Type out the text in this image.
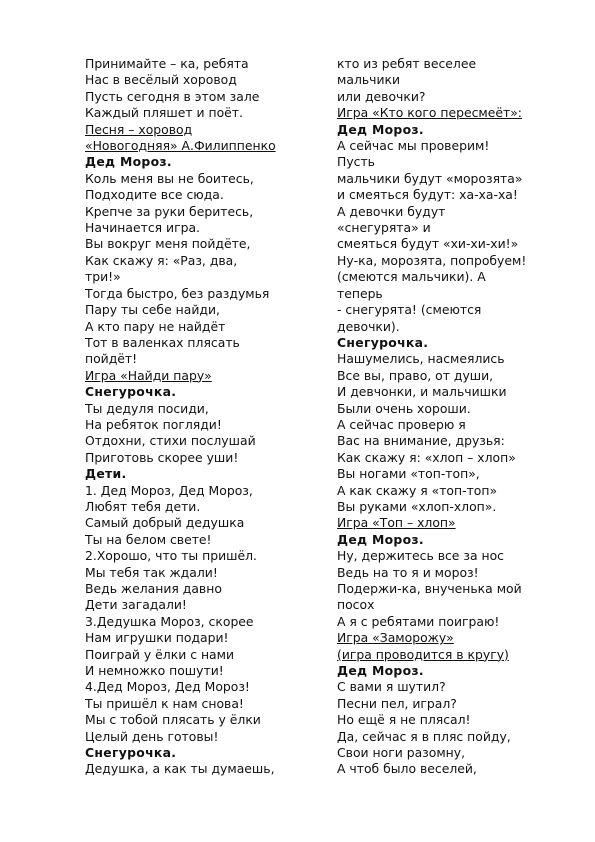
Принимайте – ка, ребята

Нас в весёлый хоровод

Пусть сегодня в этом зале

Каждый пляшет и поёт.

Песня – хоровод

«Новогодняя» А.Филиппенко

Дед Мороз.

Коль меня вы не боитесь,

Подходите все сюда.

Крепче за руки беритесь,

Начинается игра.

Вы вокруг меня пойдёте,

Как скажу я: «Раз, два,

три!»

Тогда быстро, без раздумья

Пару ты себе найди,

А кто пару не найдёт

Тот в валенках плясать

пойдёт!

Игра «Найди пару»

Снегурочка.

Ты дедуля посиди,

На ребяток погляди!

Отдохни, стихи послушай

Приготовь скорее уши!

Дети.

1. Дед Мороз, Дед Мороз,

Любят тебя дети.

Самый добрый дедушка

Ты на белом свете!

2.Хорошо, что ты пришёл.

Мы тебя так ждали!

Ведь желания давно

Дети загадали!

3.Дедушка Мороз, скорее

Нам игрушки подари!

Поиграй у ёлки с нами

И немножко пошути!

4.Дед Мороз, Дед Мороз!

Ты пришёл к нам снова!

Мы с тобой плясать у ёлки

Целый день готовы!

Снегурочка.

Дедушка, а как ты думаешь,

кто из ребят веселее

мальчики

или девочки?

Игра «Кто кого пересмеёт»:

Дед Мороз.

А сейчас мы проверим!

Пусть

мальчики будут «морозята»

и смеяться будут: ха-ха-ха!

А девочки будут

«снегурята» и

смеяться будут «хи-хи-хи!»

Ну-ка, морозята, попробуем!

(смеются мальчики). А

теперь

- снегурята! (смеются

девочки).

Снегурочка.

Нашумелись, насмеялись

Все вы, право, от души,

И девчонки, и мальчишки

Были очень хороши.

А сейчас проверю я

Вас на внимание, друзья:

Как скажу я: «хлоп – хлоп»

Вы ногами «топ-топ»,

А как скажу я «топ-топ»

Вы руками «хлоп-хлоп».

Игра «Топ – хлоп»

Дед Мороз.

Ну, держитесь все за нос

Ведь на то я и мороз!

Подержи-ка, внученька мой

посох

А я с ребятами поиграю!

Игра «Заморожу»

(игра проводится в кругу)

Дед Мороз.

С вами я шутил?

Песни пел, играл?

Но ещё я не плясал!

Да, сейчас я в пляс пойду,

Свои ноги разомну,

А чтоб было веселей,
